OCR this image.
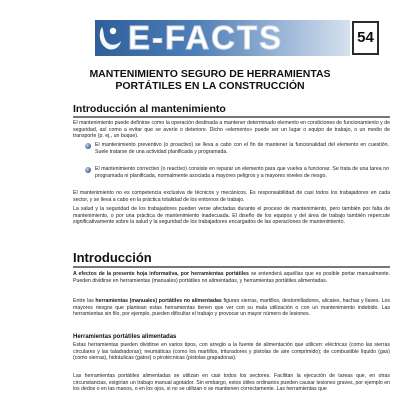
E-FACTS	54
MANTENIMIENTO SEGURO DE HERRAMIENTAS
PORTÁTILES EN LA CONSTRUCCIÓN
Introducción al mantenimiento
El mantenimiento puede definirse como la operación destinada a mantener determinado elemento en condiciones de funcionamiento y de seguridad, así como a evitar que se averíe o deteriore. Dicho «elemento» puede ser un lugar o equipo de trabajo, o un medio de transporte (p. ej., un buque).
El mantenimiento preventivo (o proactivo) se lleva a cabo con el fin de mantener la funcionalidad del elemento en cuestión. Suele tratarse de una actividad planificada y programada.
El mantenimiento correctivo (o reactivo) consiste en reparar un elemento para que vuelva a funcionar. Se trata de una tarea no programada ni planificada, normalmente asociada a mayores peligros y a mayores niveles de riesgo.
El mantenimiento no es competencia exclusiva de técnicos y mecánicos. Es responsabilidad de casi todos los trabajadores en cada sector, y se lleva a cabo en la práctica totalidad de los entornos de trabajo.
La salud y la seguridad de los trabajadores pueden verse afectadas durante el proceso de mantenimiento, pero también por falta de mantenimiento, o por una práctica de mantenimiento inadecuada. El diseño de los equipos y del área de trabajo también repercute significativamente sobre la salud y la seguridad de los trabajadores encargados de las operaciones de mantenimiento.
Introducción
A efectos de la presente hoja informativa, por herramientas portátiles se entenderá aquéllas que es posible portar manualmente. Pueden dividirse en herramientas (manuales) portátiles no alimentadas, y herramientas portátiles alimentadas.
Entre las herramientas (manuales) portátiles no alimentadas figuran sierras, martillos, destornilladores, alicates, hachas y llaves. Los mayores riesgos que plantean estas herramientas tienen que ver con su mala utilización o con un mantenimiento indebido. Las herramientas sin filo, por ejemplo, pueden dificultar el trabajo y provocar un mayor número de lesiones.
Herramientas portátiles alimentadas
Estas herramientas pueden dividirse en varios tipos, con arreglo a la fuente de alimentación que utilicen: eléctricas (como las sierras circulares y las taladradoras); neumáticas (como los martillos, trituradores y pistolas de aire comprimido); de combustible líquido (gas) (como sierras), hidráulicas (gatos) o pirotécnicas (pistolas grapadoras).
Las herramientas portátiles alimentadas se utilizan en casi todos los sectores. Facilitan la ejecución de tareas que, en otras circunstancias, exigirían un trabajo manual agotador. Sin embargo, estos útiles ordinarios pueden causar lesiones graves, por ejemplo en los dedos o en las manos, o en los ojos, si no se utilizan o se mantienen correctamente. Las herramientas que
